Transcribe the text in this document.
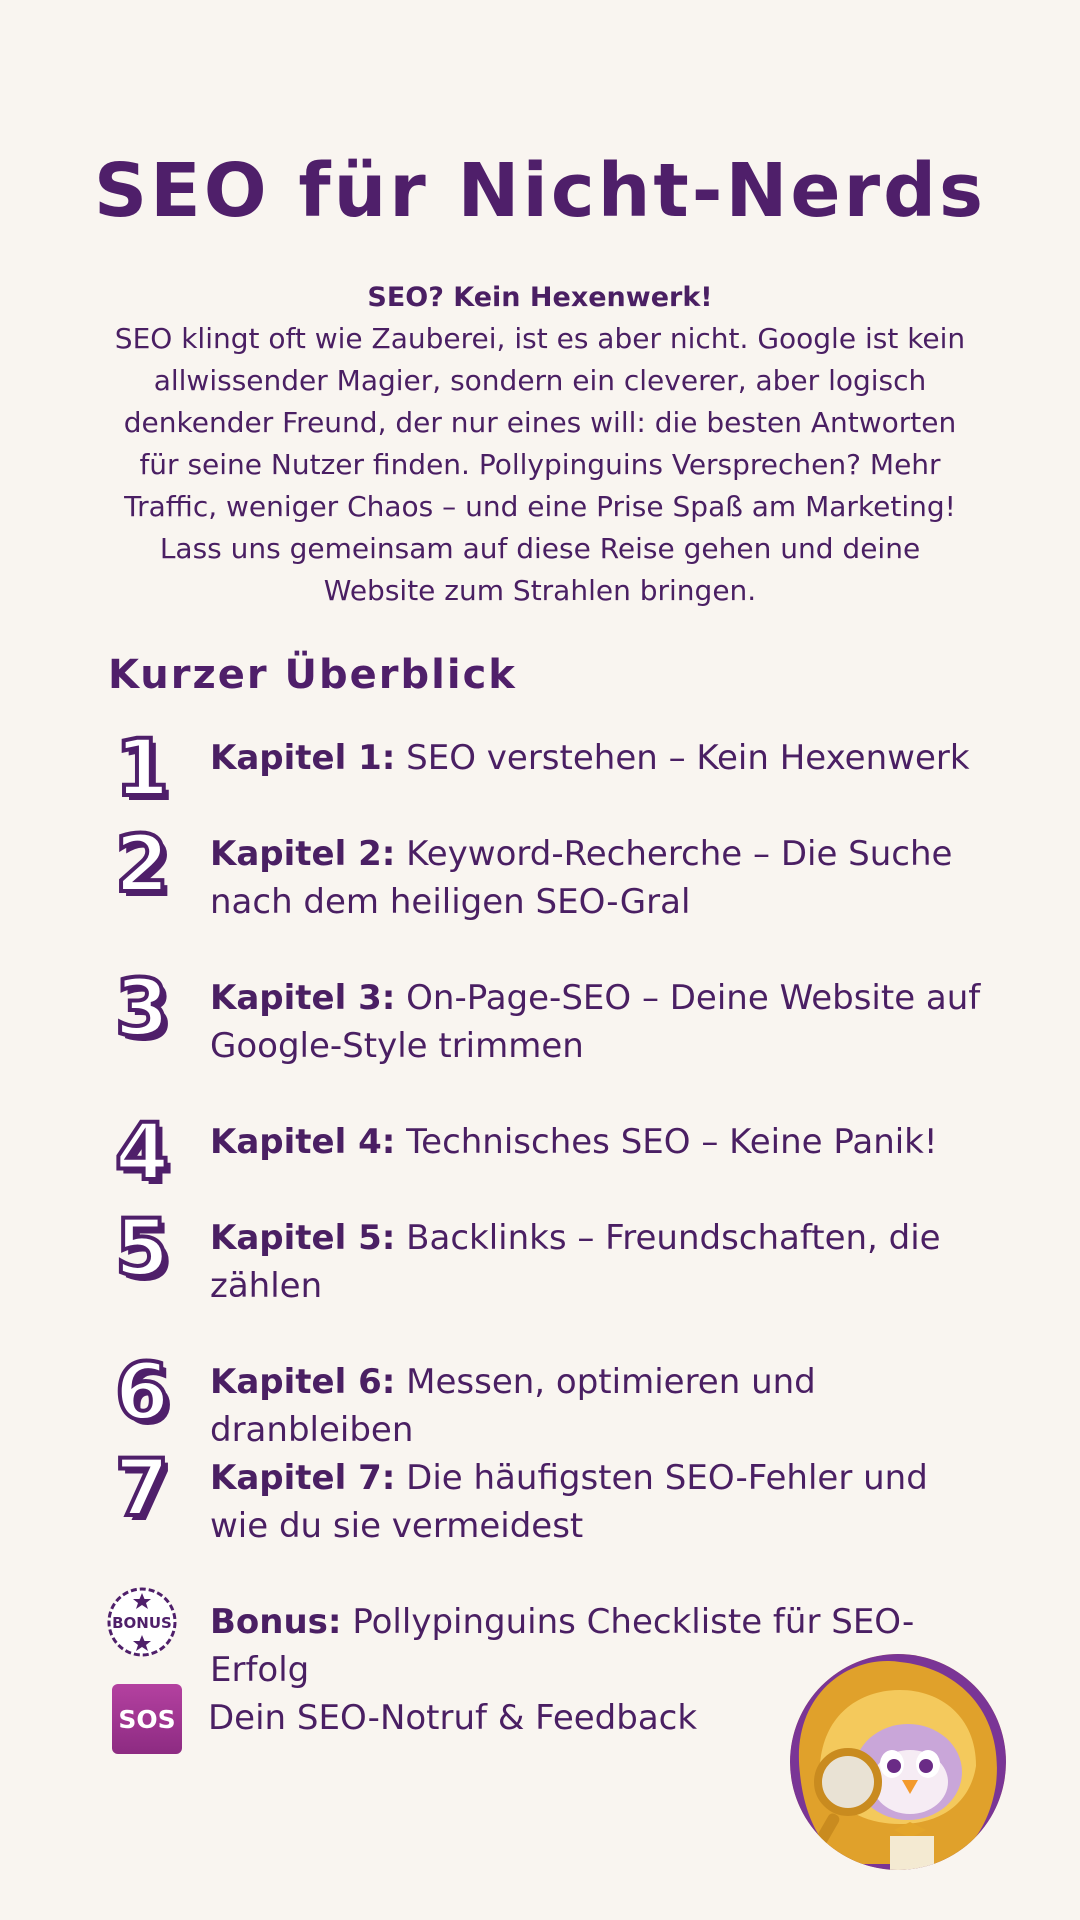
SEO für Nicht-Nerds

SEO? Kein Hexenwerk!

SEO klingt oft wie Zauberei, ist es aber nicht. Google ist kein allwissender Magier, sondern ein cleverer, aber logisch denkender Freund, der nur eines will: die besten Antworten für seine Nutzer finden. Pollypinguins Versprechen? Mehr Traffic, weniger Chaos – und eine Prise Spaß am Marketing! Lass uns gemeinsam auf diese Reise gehen und deine Website zum Strahlen bringen.

Kurzer Überblick
1 Kapitel 1: SEO verstehen – Kein Hexenwerk
2 Kapitel 2: Keyword-Recherche – Die Suche nach dem heiligen SEO-Gral
3 Kapitel 3: On-Page-SEO – Deine Website auf Google-Style trimmen
4 Kapitel 4: Technisches SEO – Keine Panik!
5 Kapitel 5: Backlinks – Freundschaften, die zählen
6 Kapitel 6: Messen, optimieren und dranbleiben
7 Kapitel 7: Die häufigsten SEO-Fehler und wie du sie vermeidest
BONUS Bonus: Pollypinguins Checkliste für SEO-Erfolg
SOS Dein SEO-Notruf & Feedback
